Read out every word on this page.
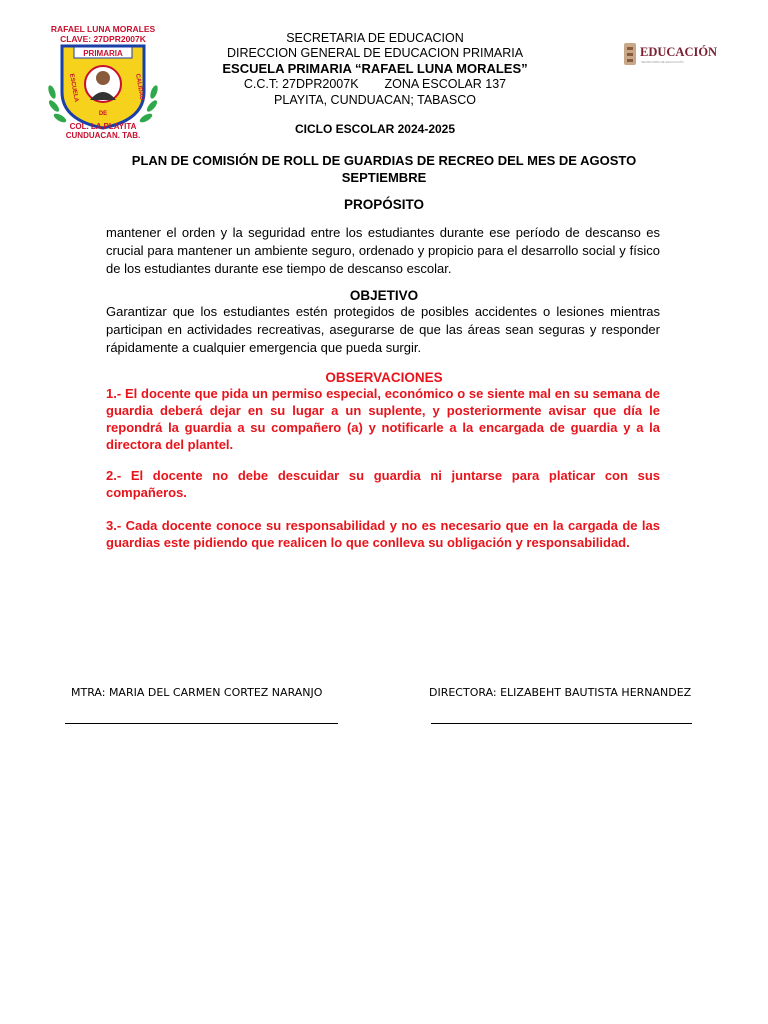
RAFAEL LUNA MORALES
CLAVE: 27DPR2007K
PRIMARIA
ESCUELA
DE
CALIDAD
COL. LA PLAYITA
CUNDUACAN. TAB.
EDUCACIÓN
SECRETARÍA DE EDUCACIÓN
SECRETARIA DE EDUCACION
DIRECCION GENERAL DE EDUCACION PRIMARIA
ESCUELA PRIMARIA “RAFAEL LUNA MORALES”
C.C.T: 27DPR2007K ZONA ESCOLAR 137
PLAYITA, CUNDUACAN; TABASCO
CICLO ESCOLAR 2024-2025
PLAN DE COMISIÓN DE ROLL DE GUARDIAS DE RECREO DEL MES DE AGOSTO
SEPTIEMBRE
PROPÓSITO
mantener el orden y la seguridad entre los estudiantes durante ese período de descanso es crucial para mantener un ambiente seguro, ordenado y propicio para el desarrollo social y físico de los estudiantes durante ese tiempo de descanso escolar.
OBJETIVO
Garantizar que los estudiantes estén protegidos de posibles accidentes o lesiones mientras participan en actividades recreativas, asegurarse de que las áreas sean seguras y responder rápidamente a cualquier emergencia que pueda surgir.
OBSERVACIONES
1.- El docente que pida un permiso especial, económico o se siente mal en su semana de guardia deberá dejar en su lugar a un suplente, y posteriormente avisar que día le repondrá la guardia a su compañero (a) y notificarle a la encargada de guardia y a la directora del plantel.
2.- El docente no debe descuidar su guardia ni juntarse para platicar con sus compañeros.
3.- Cada docente conoce su responsabilidad y no es necesario que en la cargada de las guardias este pidiendo que realicen lo que conlleva su obligación y responsabilidad.
MTRA: MARIA DEL CARMEN CORTEZ NARANJO	DIRECTORA: ELIZABEHT BAUTISTA HERNANDEZ
